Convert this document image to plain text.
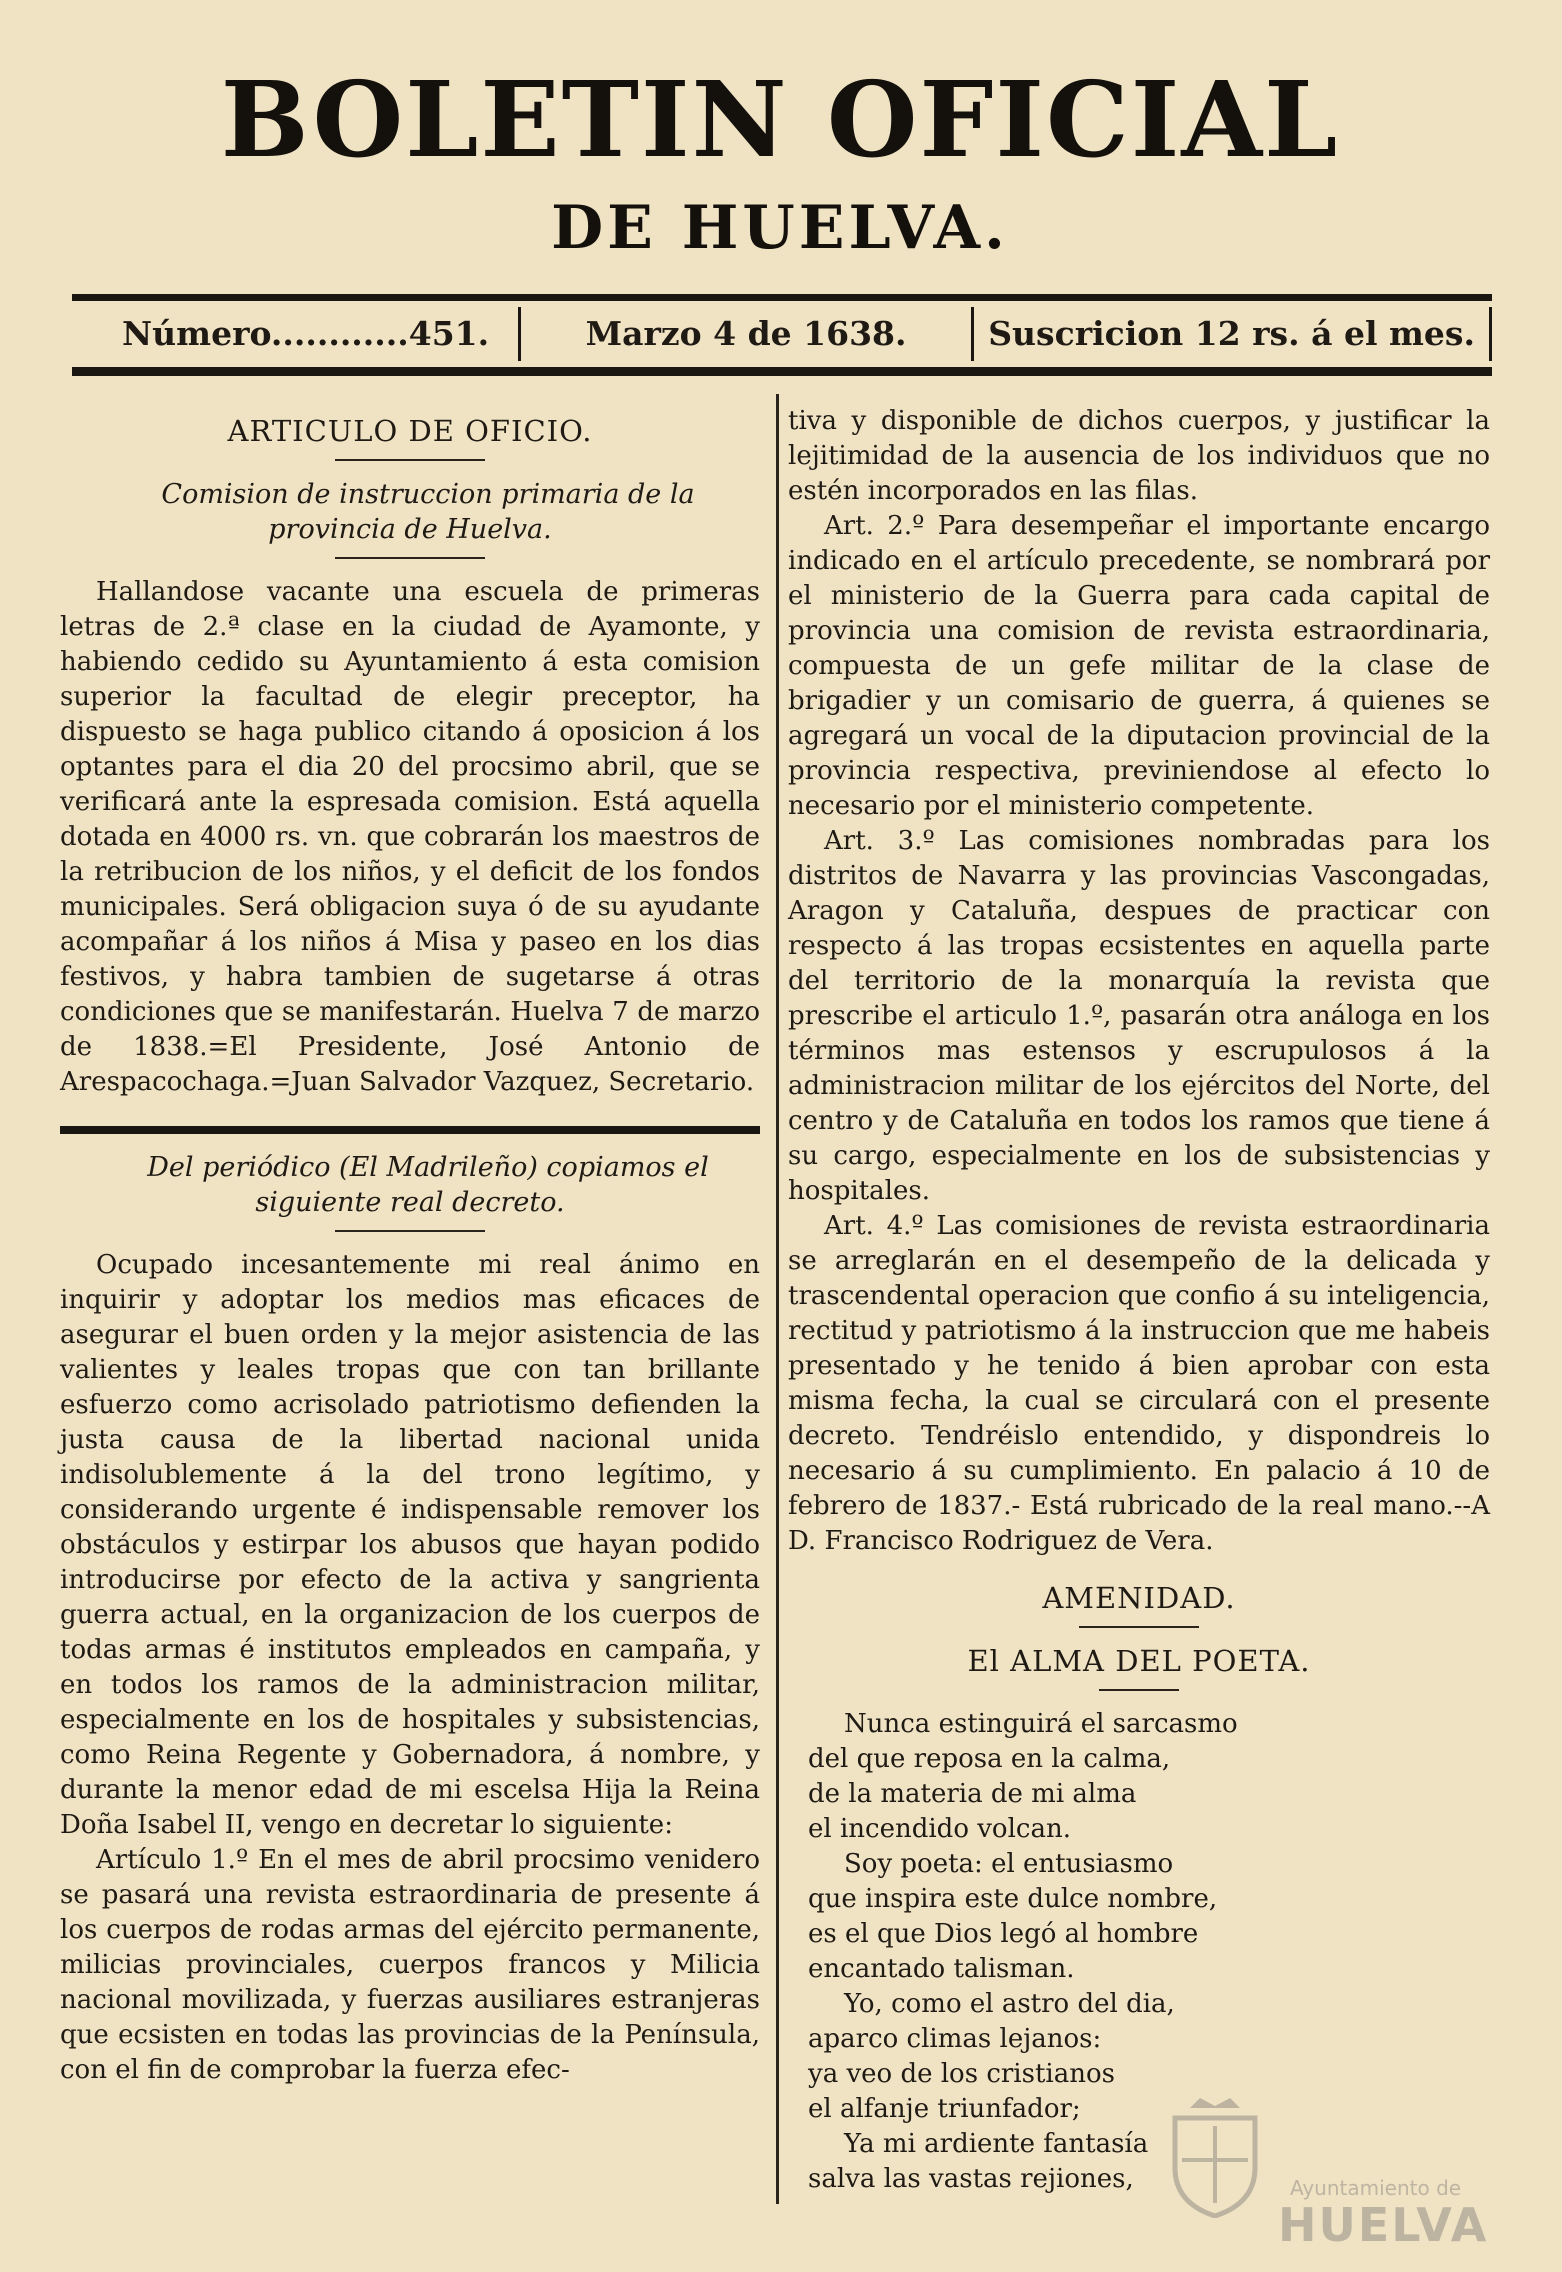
BOLETIN OFICIAL
DE HUELVA.
Número............451.	Marzo 4 de 1638.	Suscricion 12 rs. á el mes.
ARTICULO DE OFICIO.

Comision de instruccion primaria de la provincia de Huelva.

Hallandose vacante una escuela de primeras letras de 2.ª clase en la ciudad de Ayamonte, y habiendo cedido su Ayuntamiento á esta comision superior la facultad de elegir preceptor, ha dispuesto se haga publico citando á oposicion á los optantes para el dia 20 del procsimo abril, que se verificará ante la espresada comision. Está aquella dotada en 4000 rs. vn. que cobrarán los maestros de la retribucion de los niños, y el deficit de los fondos municipales. Será obligacion suya ó de su ayudante acompañar á los niños á Misa y paseo en los dias festivos, y habra tambien de sugetarse á otras condiciones que se manifestarán. Huelva 7 de marzo de 1838.=El Presidente, José Antonio de Arespacochaga.=Juan Salvador Vazquez, Secretario.

Del periódico (El Madrileño) copiamos el siguiente real decreto.

Ocupado incesantemente mi real ánimo en inquirir y adoptar los medios mas eficaces de asegurar el buen orden y la mejor asistencia de las valientes y leales tropas que con tan brillante esfuerzo como acrisolado patriotismo defienden la justa causa de la libertad nacional unida indisolublemente á la del trono legítimo, y considerando urgente é indispensable remover los obstáculos y estirpar los abusos que hayan podido introducirse por efecto de la activa y sangrienta guerra actual, en la organizacion de los cuerpos de todas armas é institutos empleados en campaña, y en todos los ramos de la administracion militar, especialmente en los de hospitales y subsistencias, como Reina Regente y Gobernadora, á nombre, y durante la menor edad de mi escelsa Hija la Reina Doña Isabel II, vengo en decretar lo siguiente:

Artículo 1.º En el mes de abril procsimo venidero se pasará una revista estraordinaria de presente á los cuerpos de rodas armas del ejército permanente, milicias provinciales, cuerpos francos y Milicia nacional movilizada, y fuerzas ausiliares estranjeras que ecsisten en todas las provincias de la Península, con el fin de comprobar la fuerza efec-

tiva y disponible de dichos cuerpos, y justificar la lejitimidad de la ausencia de los individuos que no estén incorporados en las filas.

Art. 2.º Para desempeñar el importante encargo indicado en el artículo precedente, se nombrará por el ministerio de la Guerra para cada capital de provincia una comision de revista estraordinaria, compuesta de un gefe militar de la clase de brigadier y un comisario de guerra, á quienes se agregará un vocal de la diputacion provincial de la provincia respectiva, previniendose al efecto lo necesario por el ministerio competente.

Art. 3.º Las comisiones nombradas para los distritos de Navarra y las provincias Vascongadas, Aragon y Cataluña, despues de practicar con respecto á las tropas ecsistentes en aquella parte del territorio de la monarquía la revista que prescribe el articulo 1.º, pasarán otra análoga en los términos mas estensos y escrupulosos á la administracion militar de los ejércitos del Norte, del centro y de Cataluña en todos los ramos que tiene á su cargo, especialmente en los de subsistencias y hospitales.

Art. 4.º Las comisiones de revista estraordinaria se arreglarán en el desempeño de la delicada y trascendental operacion que confio á su inteligencia, rectitud y patriotismo á la instruccion que me habeis presentado y he tenido á bien aprobar con esta misma fecha, la cual se circulará con el presente decreto. Tendréislo entendido, y dispondreis lo necesario á su cumplimiento. En palacio á 10 de febrero de 1837.- Está rubricado de la real mano.--A D. Francisco Rodriguez de Vera.

AMENIDAD.
El ALMA DEL POETA.
Nunca estinguirá el sarcasmo
del que reposa en la calma,
de la materia de mi alma
el incendido volcan.
Soy poeta: el entusiasmo
que inspira este dulce nombre,
es el que Dios legó al hombre
encantado talisman.
Yo, como el astro del dia,
aparco climas lejanos:
ya veo de los cristianos
el alfanje triunfador;
Ya mi ardiente fantasía
salva las vastas rejiones,	Ayuntamiento de
HUELVA
